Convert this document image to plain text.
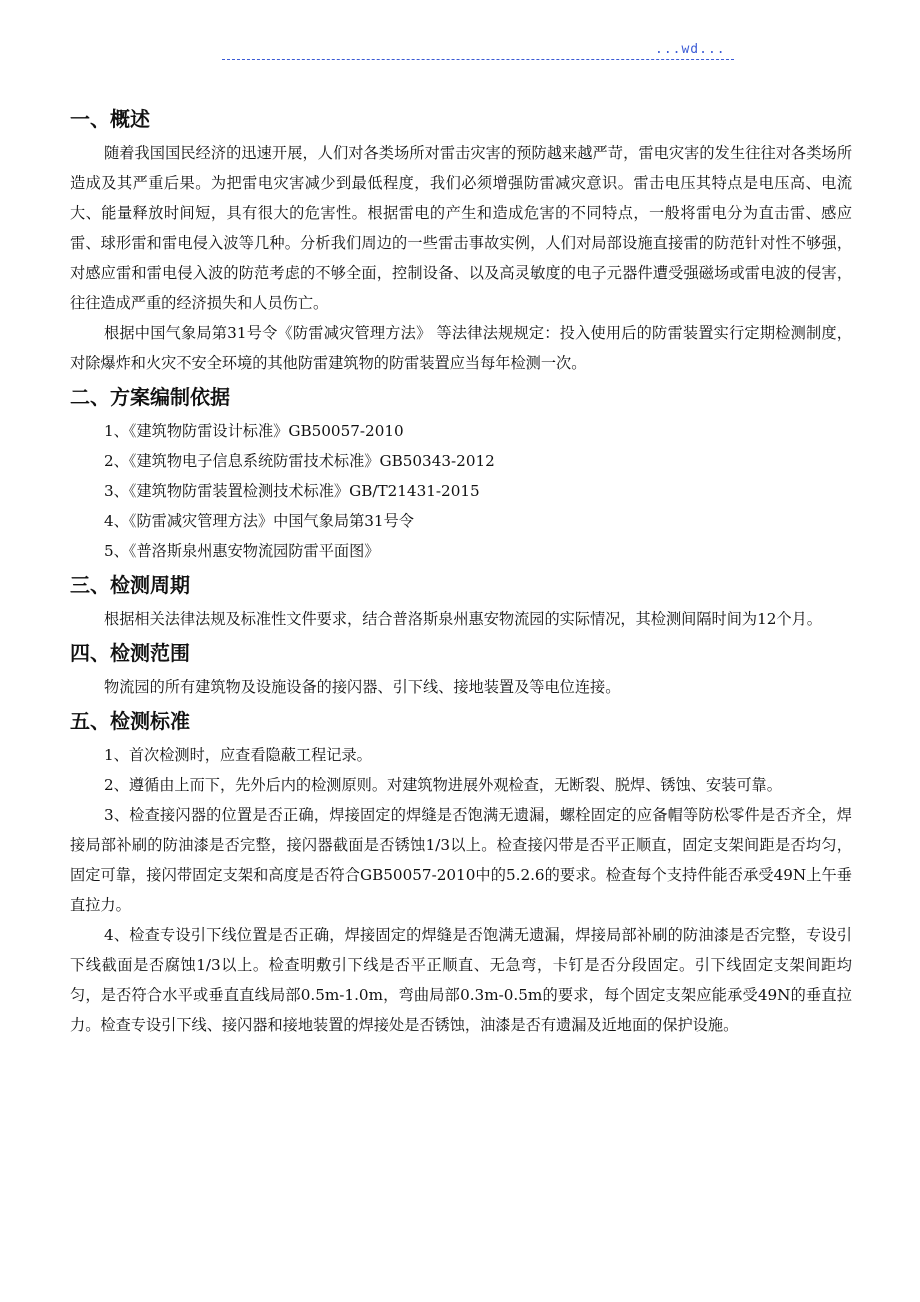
...wd...
一、概述

随着我国国民经济的迅速开展，人们对各类场所对雷击灾害的预防越来越严苛，雷电灾害的发生往往对各类场所造成及其严重后果。为把雷电灾害减少到最低程度，我们必须增强防雷减灾意识。雷击电压其特点是电压高、电流大、能量释放时间短，具有很大的危害性。根据雷电的产生和造成危害的不同特点，一般将雷电分为直击雷、感应雷、球形雷和雷电侵入波等几种。分析我们周边的一些雷击事故实例，人们对局部设施直接雷的防范针对性不够强，对感应雷和雷电侵入波的防范考虑的不够全面，控制设备、以及高灵敏度的电子元器件遭受强磁场或雷电波的侵害，往往造成严重的经济损失和人员伤亡。

根据中国气象局第31号令《防雷减灾管理方法》 等法律法规规定：投入使用后的防雷装置实行定期检测制度，对除爆炸和火灾不安全环境的其他防雷建筑物的防雷装置应当每年检测一次。

二、方案编制依据
1、《建筑物防雷设计标准》GB50057-2010
2、《建筑物电子信息系统防雷技术标准》GB50343-2012
3、《建筑物防雷装置检测技术标准》GB/T21431-2015
4、《防雷减灾管理方法》中国气象局第31号令
5、《普洛斯泉州惠安物流园防雷平面图》
三、检测周期

根据相关法律法规及标准性文件要求，结合普洛斯泉州惠安物流园的实际情况，其检测间隔时间为12个月。

四、检测范围

物流园的所有建筑物及设施设备的接闪器、引下线、接地装置及等电位连接。

五、检测标准

1、首次检测时，应查看隐蔽工程记录。

2、遵循由上而下，先外后内的检测原则。对建筑物进展外观检查，无断裂、脱焊、锈蚀、安装可靠。

3、检查接闪器的位置是否正确，焊接固定的焊缝是否饱满无遗漏，螺栓固定的应备帽等防松零件是否齐全，焊接局部补刷的防油漆是否完整，接闪器截面是否锈蚀1/3以上。检查接闪带是否平正顺直，固定支架间距是否均匀，固定可靠，接闪带固定支架和高度是否符合GB50057-2010中的5.2.6的要求。检查每个支持件能否承受49N上午垂直拉力。

4、检查专设引下线位置是否正确，焊接固定的焊缝是否饱满无遗漏，焊接局部补刷的防油漆是否完整，专设引下线截面是否腐蚀1/3以上。检查明敷引下线是否平正顺直、无急弯，卡钉是否分段固定。引下线固定支架间距均匀，是否符合水平或垂直直线局部0.5m-1.0m，弯曲局部0.3m-0.5m的要求，每个固定支架应能承受49N的垂直拉力。检查专设引下线、接闪器和接地装置的焊接处是否锈蚀，油漆是否有遗漏及近地面的保护设施。
